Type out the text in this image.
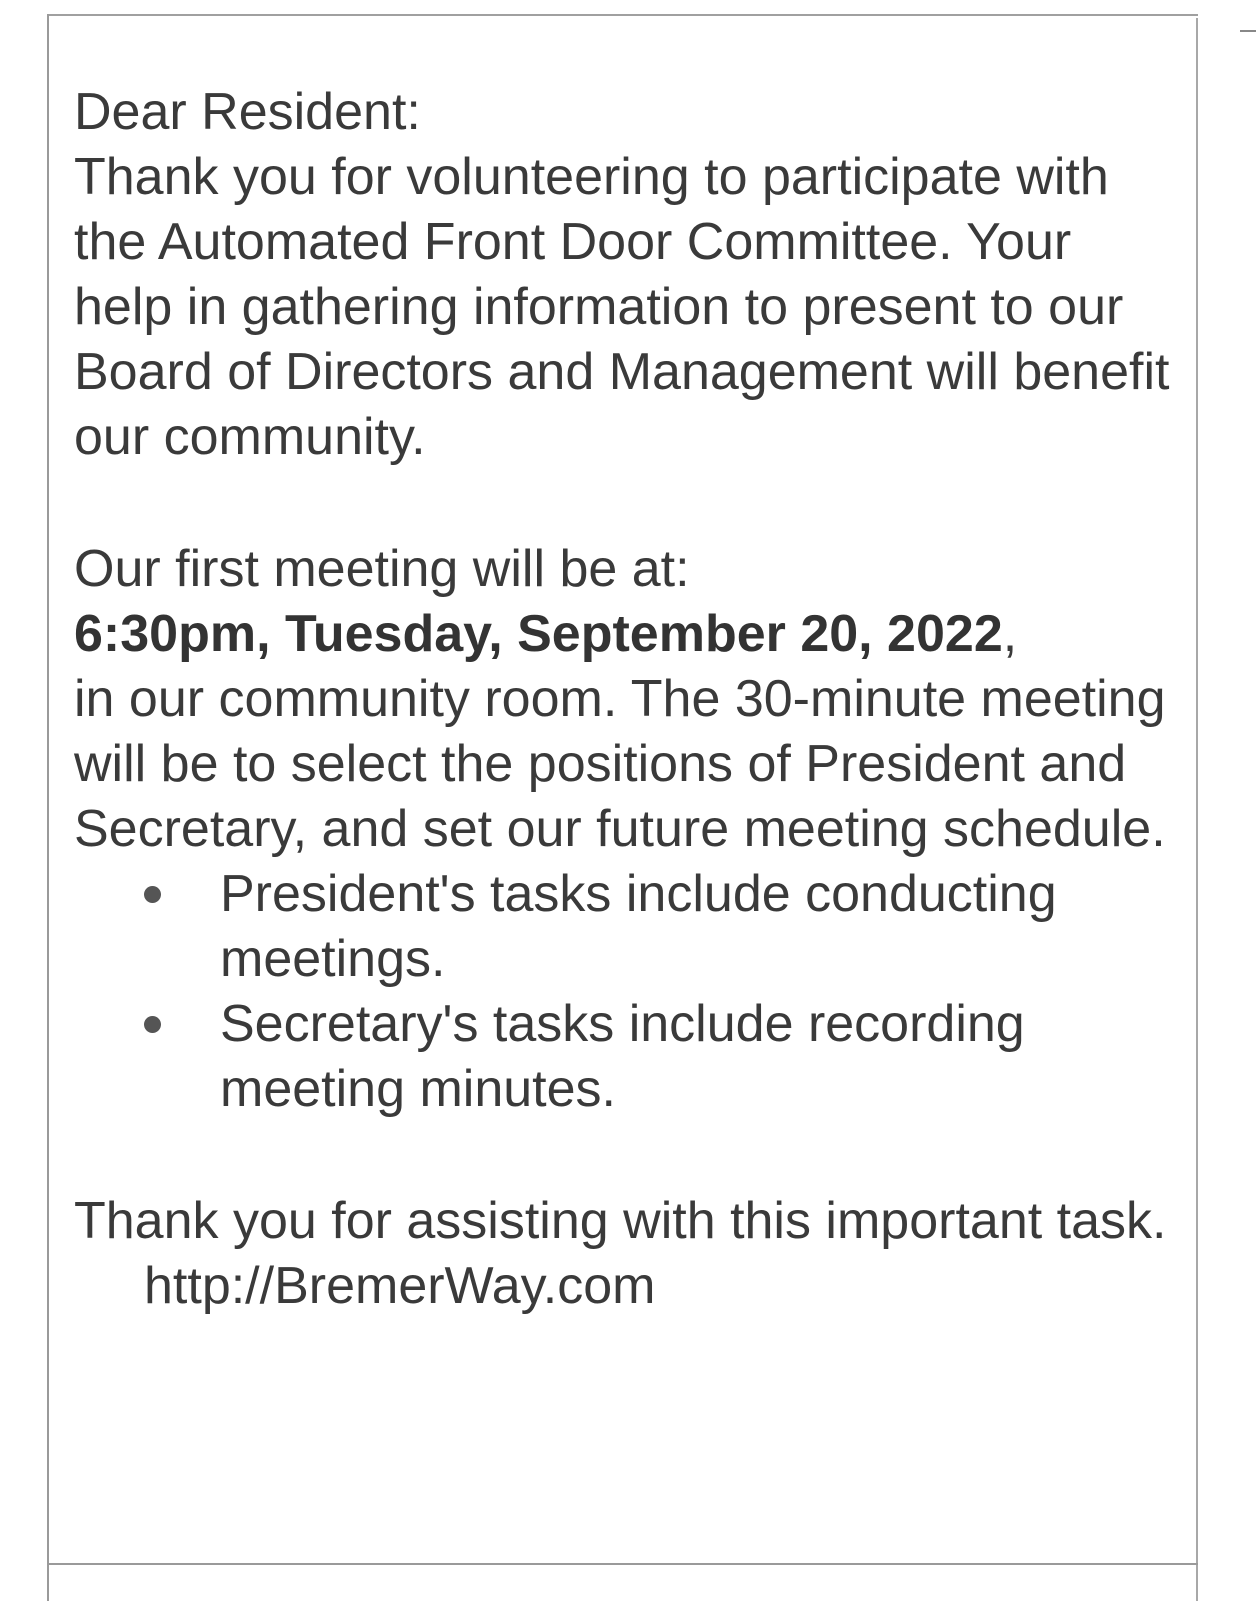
Dear Resident:

Thank you for volunteering to participate with the Automated Front Door Committee. Your help in gathering information to present to our Board of Directors and Management will benefit our community.

Our first meeting will be at:

6:30pm, Tuesday, September 20, 2022,
in our community room. The 30-minute meeting will be to select the positions of President and Secretary, and set our future meeting schedule.

President's tasks include conducting meetings.
Secretary's tasks include recording meeting minutes.

Thank you for assisting with this important task.http://BremerWay.com
